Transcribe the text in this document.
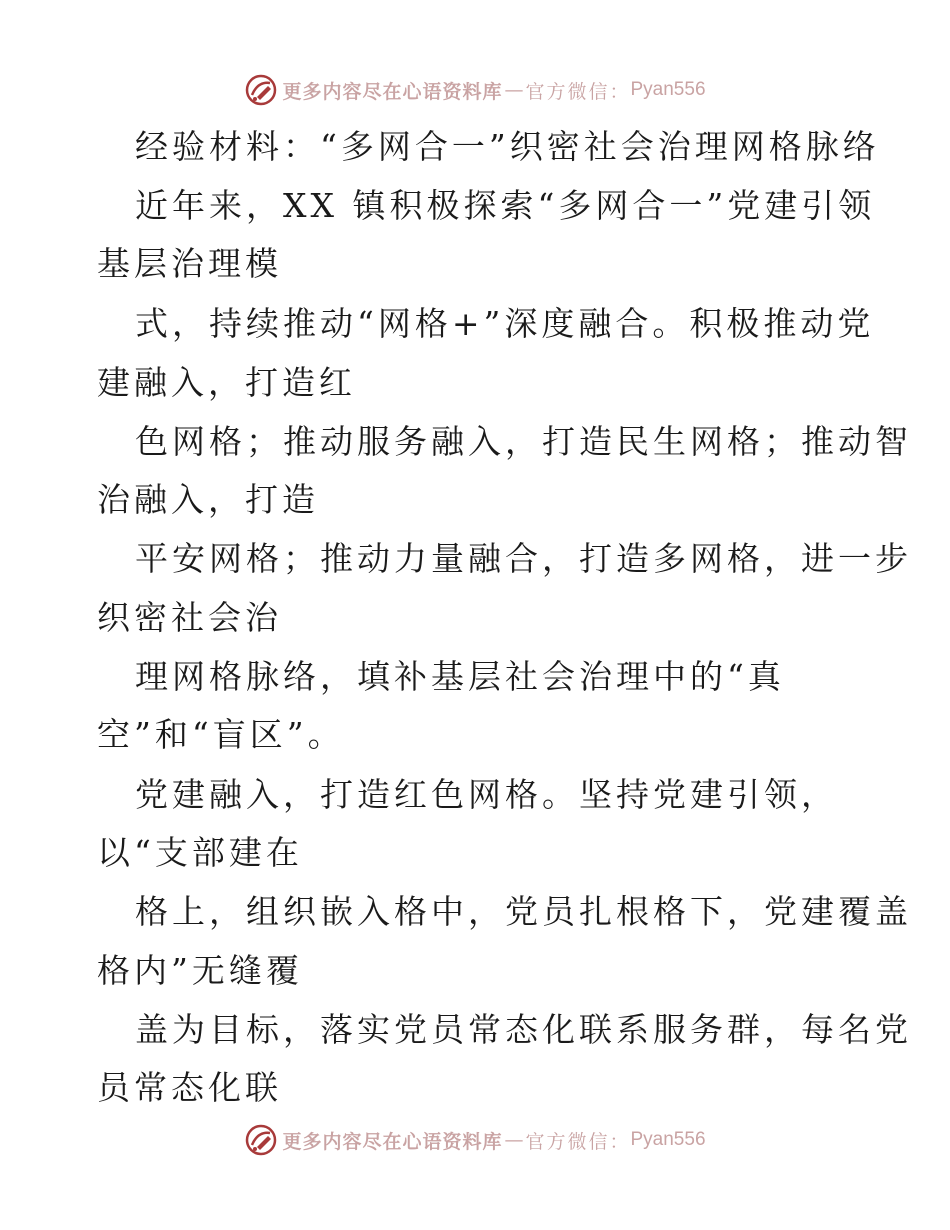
更多内容尽在心语资料库 — 官方微信： Pyan556
经验材料：“多网合一”织密社会治理网格脉络
近年来，XX 镇积极探索“多网合一”党建引领
基层治理模
式，持续推动“网格+”深度融合。积极推动党
建融入，打造红
色网格；推动服务融入，打造民生网格；推动智
治融入，打造
平安网格；推动力量融合，打造多网格，进一步
织密社会治
理网格脉络，填补基层社会治理中的“真
空”和“盲区”。
党建融入，打造红色网格。坚持党建引领，
以“支部建在
格上，组织嵌入格中，党员扎根格下，党建覆盖
格内”无缝覆
盖为目标，落实党员常态化联系服务群，每名党
员常态化联
更多内容尽在心语资料库 — 官方微信： Pyan556
